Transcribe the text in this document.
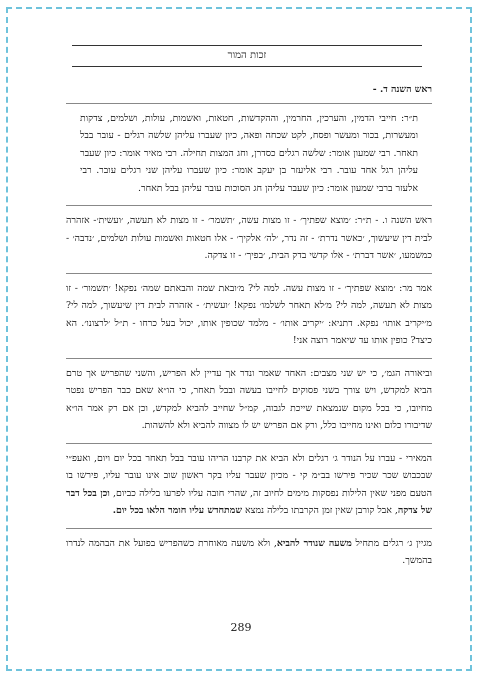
זכות המור

ראש השנה ד. -

ת״ר: חייבי הדמין, והערכין, החרמין, וההקדשות, חטאות, ואשמות, עולות, ושלמים, צדקות ומעשרות, בכור ומעשר ופסח, לקט שכחה ופאה, כיון שעברו עליהן שלשה רגלים - עובר בבל תאחר. רבי שמעון אומר: שלשה רגלים כסדרן, וחג המצות תחילה. רבי מאיר אומר: כיון שעבר עליהן רגל אחד עובר. רבי אליעזר בן יעקב אומר: כיון שעברו עליהן שני רגלים עובר. רבי אלעזר ברבי שמעון אומר: כיון שעבר עליהן חג הסוכות עובר עליהן בבל תאחר.

ראש השנה ו. - ת״ר: ׳מוצא שפתיך׳ - זו מצות עשה, ׳תשמר׳ - זו מצות לא תעשה, ׳ועשית׳- אזהרה לבית דין שיעשוך, ׳כאשר נדרת׳ - זה נדר, ׳לה׳ אלקיך׳ - אלו חטאות ואשמות עולות ושלמים, ׳נדבה׳ - כמשמעו, ׳אשר דברת׳ - אלו קדשי בדק הבית, ׳בפיך׳ - זו צדקה.

אמר מר: ׳מוצא שפתיך׳ - זו מצות עשה. למה לי? מ׳ובאת שמה והבאתם שמה׳ נפקא! ׳תשמור׳ - זו מצות לא תעשה, למה לי? מ׳לא תאחר לשלמו׳ נפקא! ׳ועשית׳ - אזהרה לבית דין שיעשוך, למה לי? מ׳יקריב אותו׳ נפקא. דתניא: ׳יקריב אותו׳ - מלמד שכופין אותו, יכול בעל כרחו - ת״ל ׳לרצונו׳. הא כיצד? כופין אותו עד שיאמר רוצה אני!

וביאורה הגמ׳, כי יש שני מצבים: האחד שאמר ונדר אך עדיין לא הפריש, והשני שהפריש אך טרם הביא למקדש, ויש צורך בשני פסוקים לחייבו בעשה ובבל תאחר, כי הו״א שאם כבר הפריש נפטר מחיובו, כי בכל מקום שנמצאת שייכת לגבוה, קמ״ל שחייב להביא למקדש, וכן אם רק אמר הו״א שדיבורו כלום ואינו מחייבו כלל, ורק אם הפריש יש לו מצווה להביא ולא להשהות.

המאירי - עברו על הנודר ג׳ רגלים ולא הביא את קרבנו הריהו עובר בבל תאחר בכל יום ויום, ואעפ״י שבכבוש שכר שכיר פירשו בב״מ קי - מכיון שעבר עליו בקר ראשון שוב אינו עובר עליו, פירשו בו הטעם מפני שאין הלילות נפסקות מימים לחיוב זה, שהרי חובה עליו לפרעו בלילה כביום, וכן בכל דבר של צדקה, אבל קורבן שאין זמן הקרבתו בלילה נמצא שמתחדש עליו חומר הלאו בכל יום.

מגיין ג׳ רגלים מתחיל משעה שנודר להביא, ולא משעה מאוחרת כשהפריש בפועל את הבהמה לנדרו בהמשך.

289
